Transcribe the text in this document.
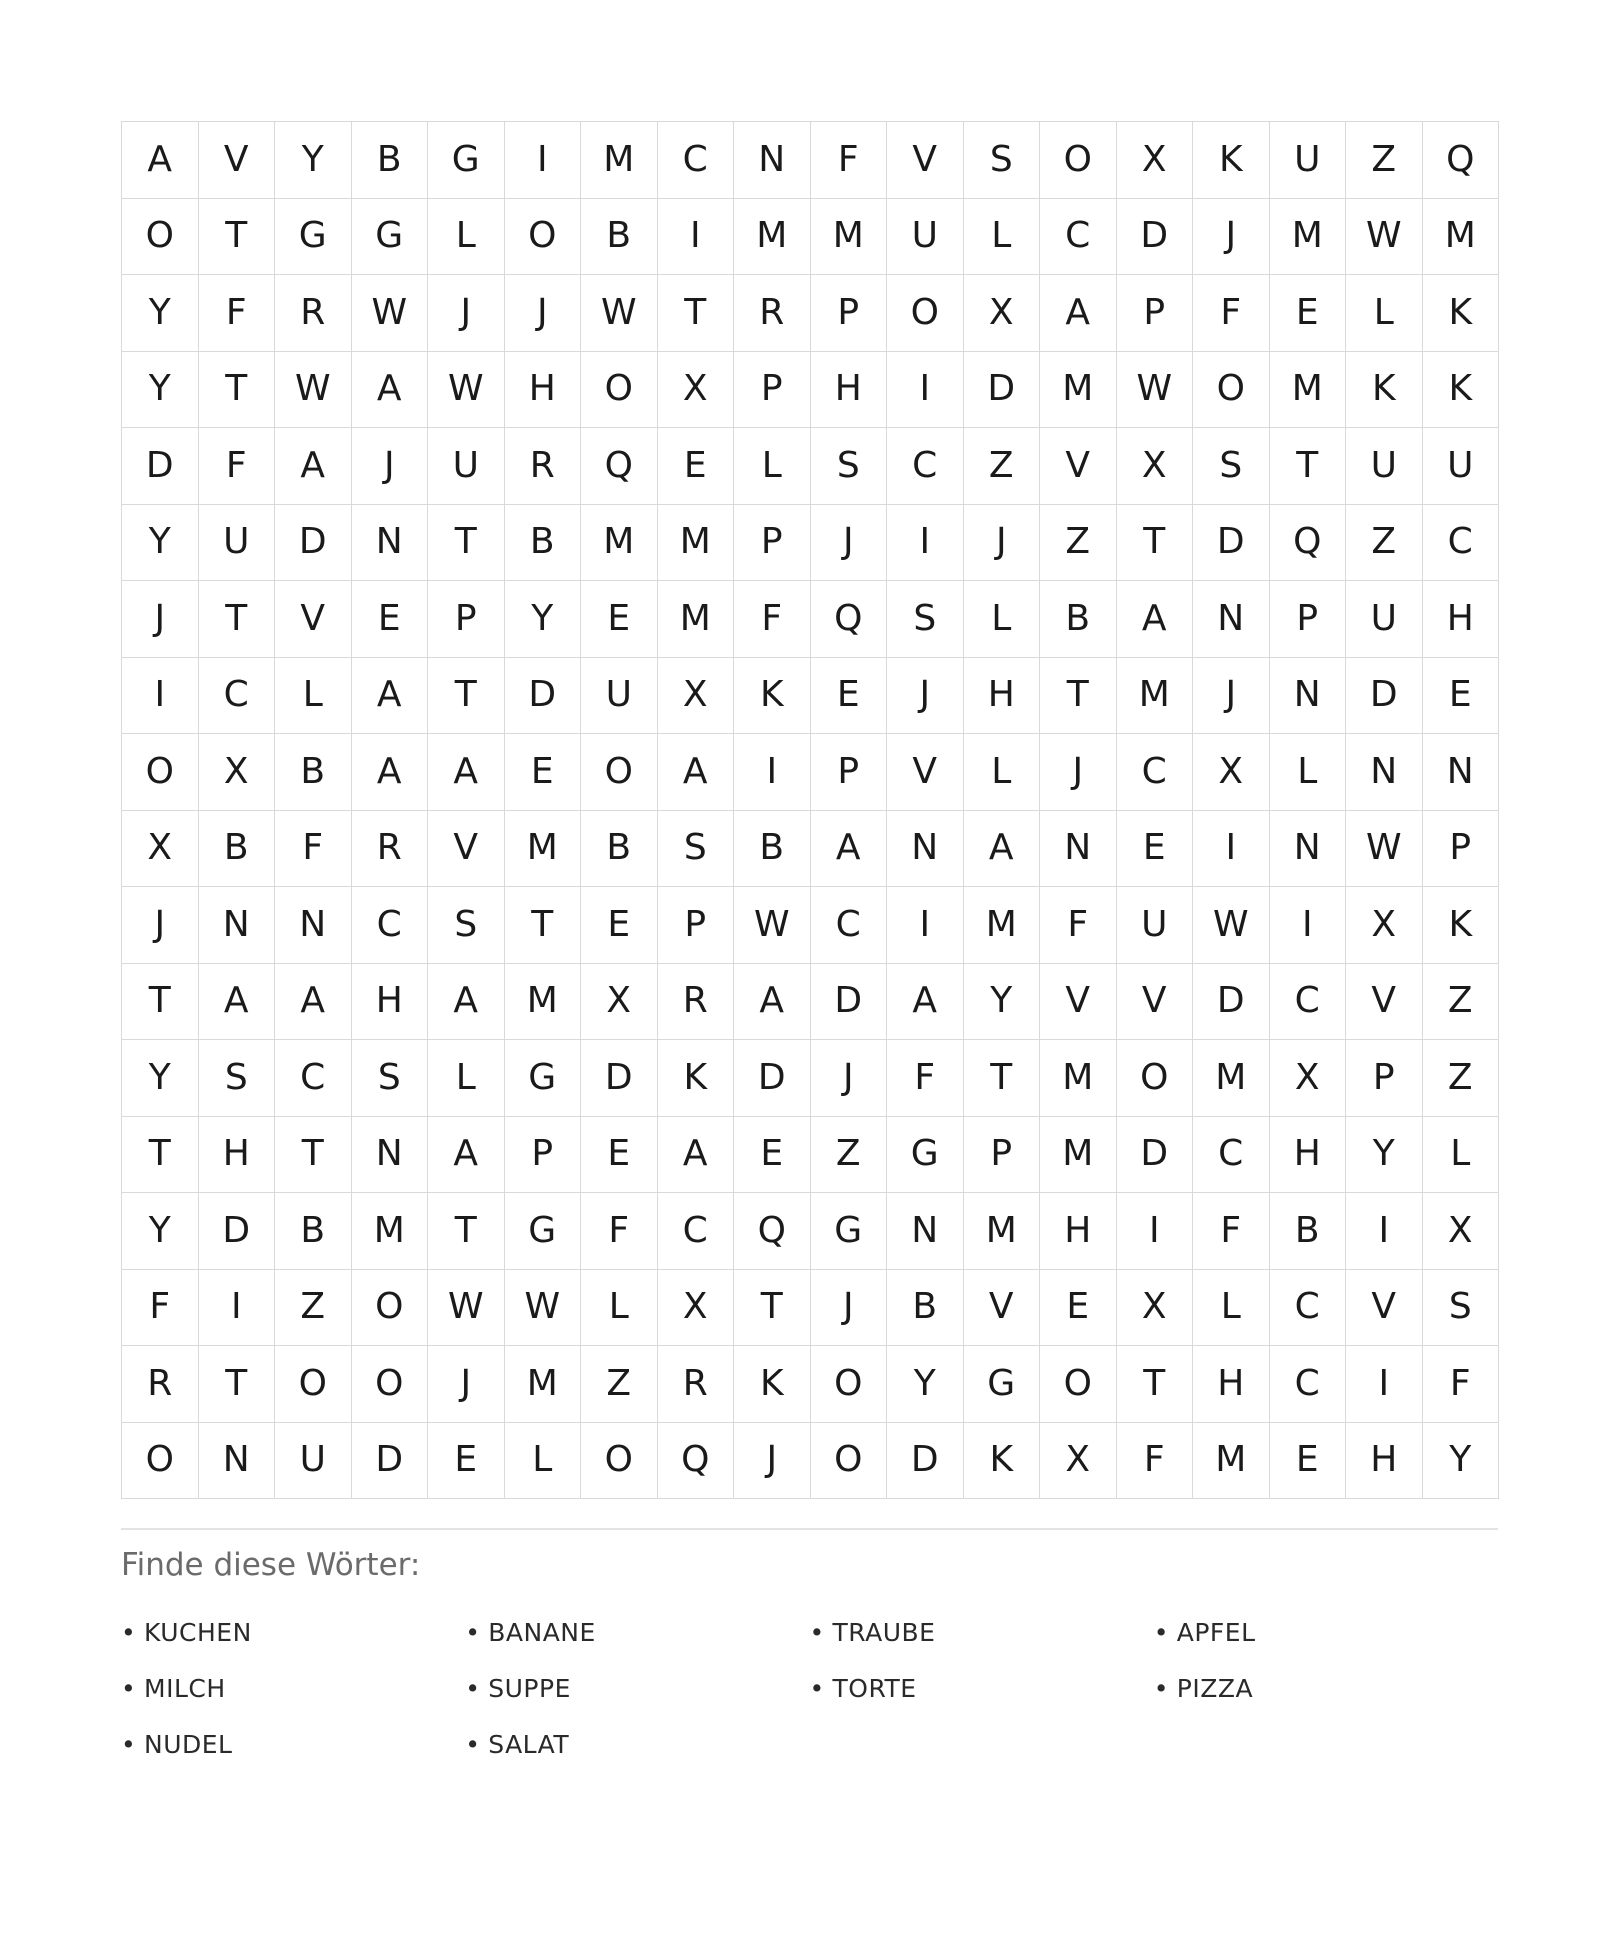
A	V	Y	B	G	I	M	C	N	F	V	S	O	X	K	U	Z	Q
O	T	G	G	L	O	B	I	M	M	U	L	C	D	J	M	W	M
Y	F	R	W	J	J	W	T	R	P	O	X	A	P	F	E	L	K
Y	T	W	A	W	H	O	X	P	H	I	D	M	W	O	M	K	K
D	F	A	J	U	R	Q	E	L	S	C	Z	V	X	S	T	U	U
Y	U	D	N	T	B	M	M	P	J	I	J	Z	T	D	Q	Z	C
J	T	V	E	P	Y	E	M	F	Q	S	L	B	A	N	P	U	H
I	C	L	A	T	D	U	X	K	E	J	H	T	M	J	N	D	E
O	X	B	A	A	E	O	A	I	P	V	L	J	C	X	L	N	N
X	B	F	R	V	M	B	S	B	A	N	A	N	E	I	N	W	P
J	N	N	C	S	T	E	P	W	C	I	M	F	U	W	I	X	K
T	A	A	H	A	M	X	R	A	D	A	Y	V	V	D	C	V	Z
Y	S	C	S	L	G	D	K	D	J	F	T	M	O	M	X	P	Z
T	H	T	N	A	P	E	A	E	Z	G	P	M	D	C	H	Y	L
Y	D	B	M	T	G	F	C	Q	G	N	M	H	I	F	B	I	X
F	I	Z	O	W	W	L	X	T	J	B	V	E	X	L	C	V	S
R	T	O	O	J	M	Z	R	K	O	Y	G	O	T	H	C	I	F
O	N	U	D	E	L	O	Q	J	O	D	K	X	F	M	E	H	Y
Finde diese Wörter:
• KUCHEN	• BANANE	• TRAUBE	• APFEL
• MILCH	• SUPPE	• TORTE	• PIZZA
• NUDEL	• SALAT
